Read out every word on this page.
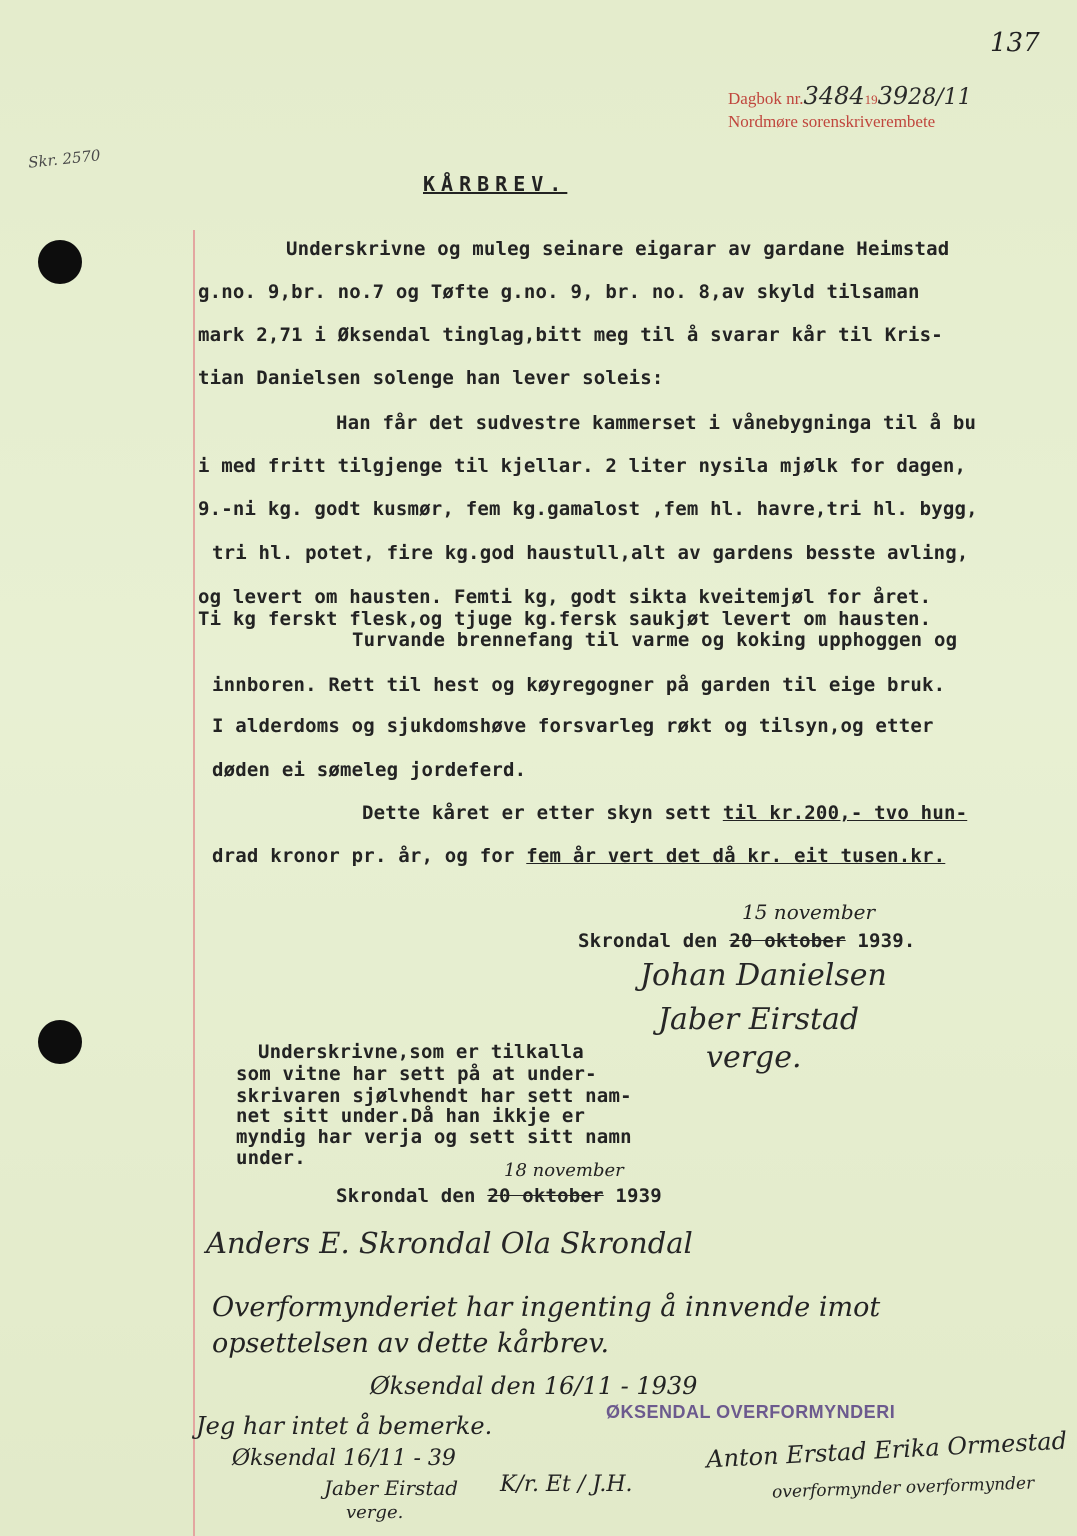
137
Skr. 2570
Dagbok nr.3484193928/11
Nordmøre sorenskriverembete
KÅRBREV.
Underskrivne og muleg seinare eigarar av gardane Heimstad
g.no. 9,br. no.7 og Tøfte g.no. 9, br. no. 8,av skyld tilsaman
mark 2,71 i Øksendal tinglag,bitt meg til å svarar kår til Kris-
tian Danielsen solenge han lever soleis:
Han får det sudvestre kammerset i vånebygninga til å bu
i med fritt tilgjenge til kjellar. 2 liter nysila mjølk for dagen,
9.-ni kg. godt kusmør, fem kg.gamalost ,fem hl. havre,tri hl. bygg,
tri hl. potet, fire kg.god haustull,alt av gardens besste avling,
og levert om hausten. Femti kg, godt sikta kveitemjøl for året.
Ti kg ferskt flesk,og tjuge kg.fersk saukjøt levert om hausten.
Turvande brennefang til varme og koking upphoggen og
innboren. Rett til hest og køyregogner på garden til eige bruk.
I alderdoms og sjukdomshøve forsvarleg røkt og tilsyn,og etter
døden ei sømeleg jordeferd.
Dette kåret er etter skyn sett til kr.200,- tvo hun-
drad kronor pr. år, og for fem år vert det då kr. eit tusen.kr.
15 november
Skrondal den 20 oktober 1939.
Johan Danielsen
Jaber Eirstad
verge.
Underskrivne,som er tilkalla
som vitne har sett på at under-
skrivaren sjølvhendt har sett nam-
net sitt under.Då han ikkje er
myndig har verja og sett sitt namn
under.
18 november
Skrondal den 20 oktober 1939
Anders E. Skrondal Ola Skrondal
Overformynderiet har ingenting å innvende imot
opsettelsen av dette kårbrev.
Øksendal den 16/11 - 1939
Jeg har intet å bemerke.
Øksendal 16/11 - 39
Jaber Eirstad
verge.
K/r. Et / J.H.
ØKSENDAL OVERFORMYNDERI
Anton Erstad Erika Ormestad
overformynder overformynder
